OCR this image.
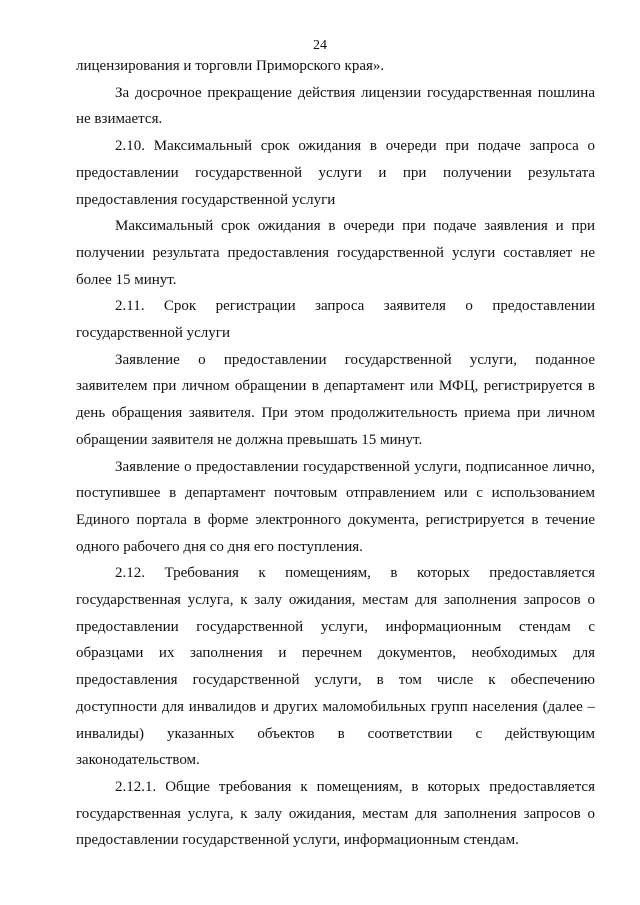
24

лицензирования и торговли Приморского края».

За досрочное прекращение действия лицензии государственная пошлина не взимается.

2.10. Максимальный срок ожидания в очереди при подаче запроса о предоставлении государственной услуги и при получении результата предоставления государственной услуги

Максимальный срок ожидания в очереди при подаче заявления и при получении результата предоставления государственной услуги составляет не более 15 минут.

2.11. Срок регистрации запроса заявителя о предоставлении государственной услуги

Заявление о предоставлении государственной услуги, поданное заявителем при личном обращении в департамент или МФЦ, регистрируется в день обращения заявителя. При этом продолжительность приема при личном обращении заявителя не должна превышать 15 минут.

Заявление о предоставлении государственной услуги, подписанное лично, поступившее в департамент почтовым отправлением или с использованием Единого портала в форме электронного документа, регистрируется в течение одного рабочего дня со дня его поступления.

2.12. Требования к помещениям, в которых предоставляется государственная услуга, к залу ожидания, местам для заполнения запросов о предоставлении государственной услуги, информационным стендам с образцами их заполнения и перечнем документов, необходимых для предоставления государственной услуги, в том числе к обеспечению доступности для инвалидов и других маломобильных групп населения (далее – инвалиды) указанных объектов в соответствии с действующим законодательством.

2.12.1. Общие требования к помещениям, в которых предоставляется государственная услуга, к залу ожидания, местам для заполнения запросов о предоставлении государственной услуги, информационным стендам.
